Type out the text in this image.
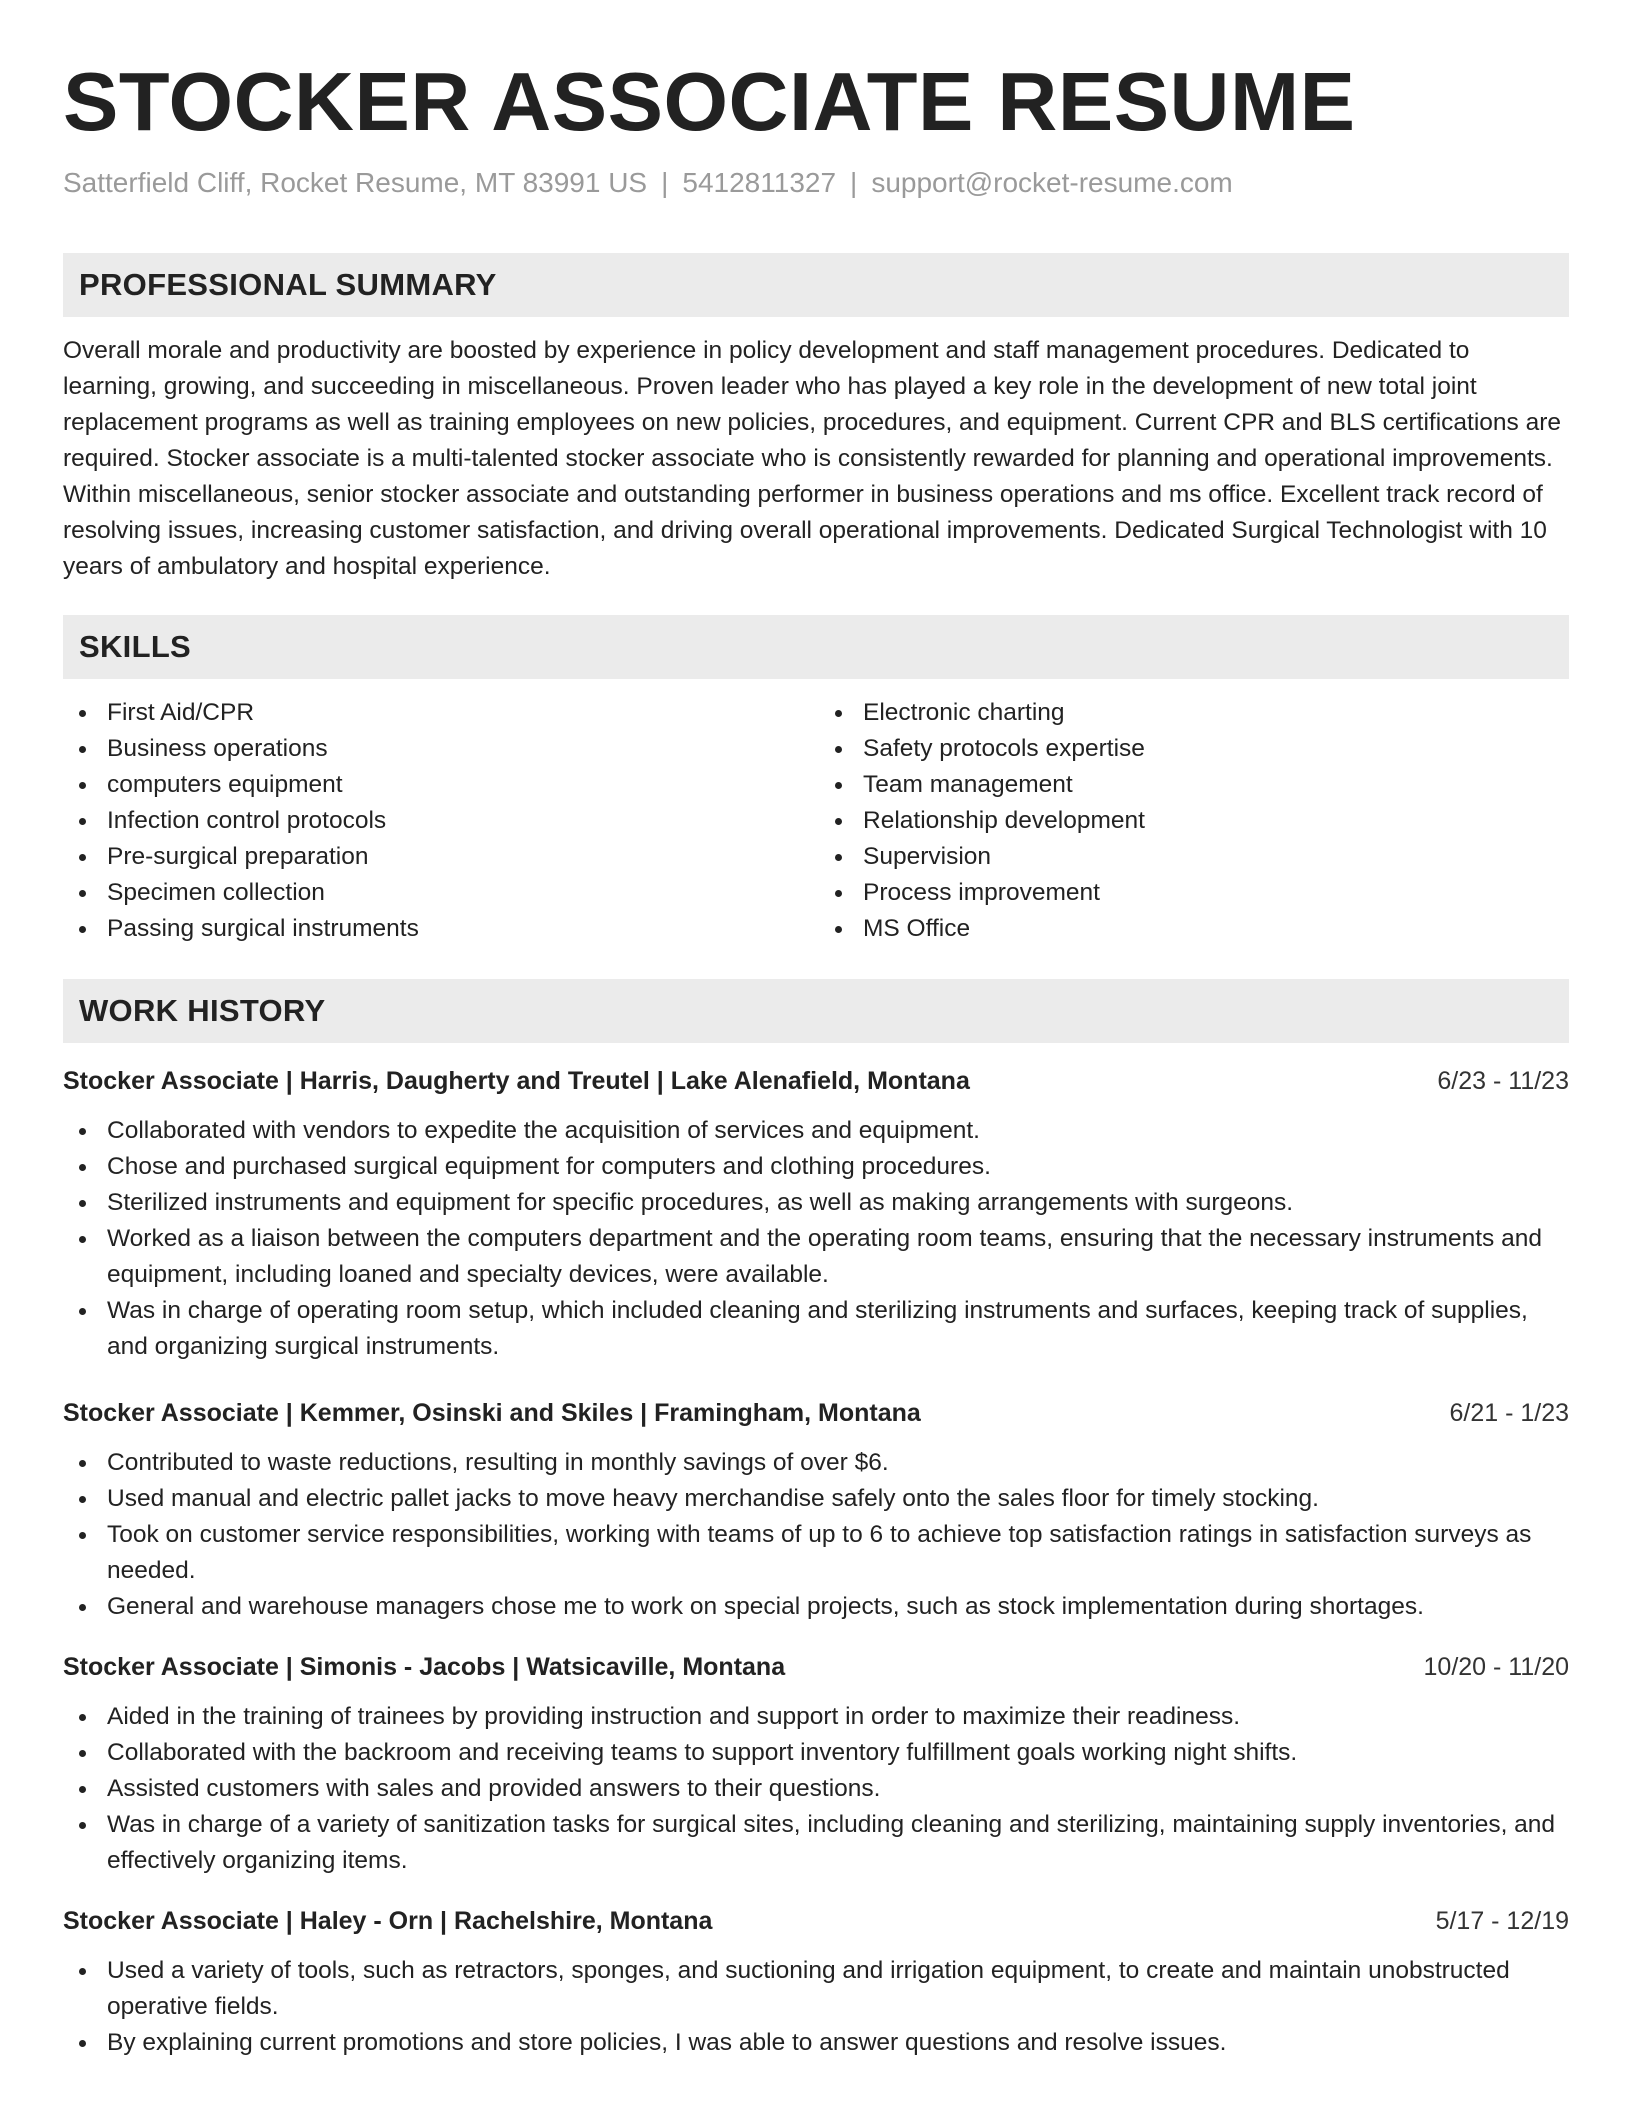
STOCKER ASSOCIATE RESUME
Satterfield Cliff, Rocket Resume, MT 83991 US | 5412811327 | support@rocket-resume.com
PROFESSIONAL SUMMARY
Overall morale and productivity are boosted by experience in policy development and staff management procedures. Dedicated to learning, growing, and succeeding in miscellaneous. Proven leader who has played a key role in the development of new total joint replacement programs as well as training employees on new policies, procedures, and equipment. Current CPR and BLS certifications are required. Stocker associate is a multi-talented stocker associate who is consistently rewarded for planning and operational improvements. Within miscellaneous, senior stocker associate and outstanding performer in business operations and ms office. Excellent track record of resolving issues, increasing customer satisfaction, and driving overall operational improvements. Dedicated Surgical Technologist with 10 years of ambulatory and hospital experience.
SKILLS
First Aid/CPR
Business operations
computers equipment
Infection control protocols
Pre-surgical preparation
Specimen collection
Passing surgical instruments
Electronic charting
Safety protocols expertise
Team management
Relationship development
Supervision
Process improvement
MS Office
WORK HISTORY
Stocker Associate | Harris, Daugherty and Treutel | Lake Alenafield, Montana	6/23 - 11/23
Collaborated with vendors to expedite the acquisition of services and equipment.
Chose and purchased surgical equipment for computers and clothing procedures.
Sterilized instruments and equipment for specific procedures, as well as making arrangements with surgeons.
Worked as a liaison between the computers department and the operating room teams, ensuring that the necessary instruments and equipment, including loaned and specialty devices, were available.
Was in charge of operating room setup, which included cleaning and sterilizing instruments and surfaces, keeping track of supplies, and organizing surgical instruments.
Stocker Associate | Kemmer, Osinski and Skiles | Framingham, Montana	6/21 - 1/23
Contributed to waste reductions, resulting in monthly savings of over $6.
Used manual and electric pallet jacks to move heavy merchandise safely onto the sales floor for timely stocking.
Took on customer service responsibilities, working with teams of up to 6 to achieve top satisfaction ratings in satisfaction surveys as needed.
General and warehouse managers chose me to work on special projects, such as stock implementation during shortages.
Stocker Associate | Simonis - Jacobs | Watsicaville, Montana	10/20 - 11/20
Aided in the training of trainees by providing instruction and support in order to maximize their readiness.
Collaborated with the backroom and receiving teams to support inventory fulfillment goals working night shifts.
Assisted customers with sales and provided answers to their questions.
Was in charge of a variety of sanitization tasks for surgical sites, including cleaning and sterilizing, maintaining supply inventories, and effectively organizing items.
Stocker Associate | Haley - Orn | Rachelshire, Montana	5/17 - 12/19
Used a variety of tools, such as retractors, sponges, and suctioning and irrigation equipment, to create and maintain unobstructed operative fields.
By explaining current promotions and store policies, I was able to answer questions and resolve issues.
